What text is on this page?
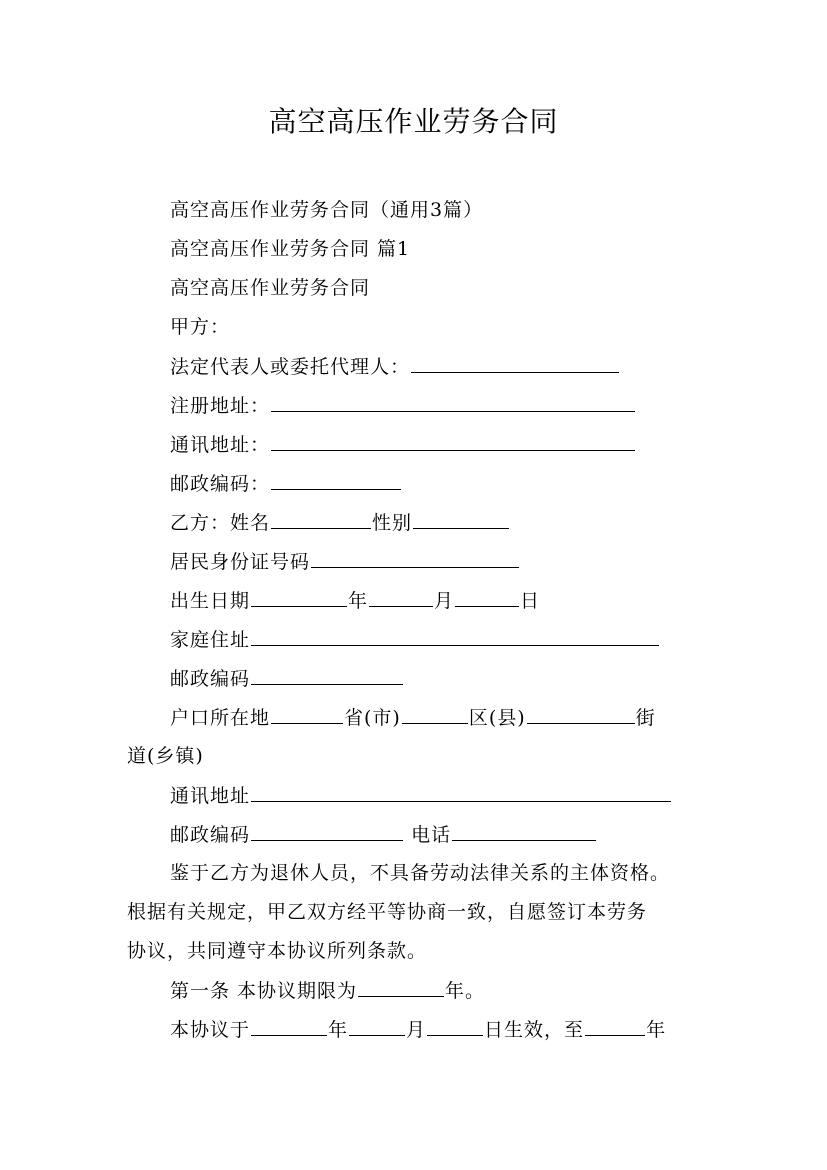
高空高压作业劳务合同
高空高压作业劳务合同（通用3篇）
高空高压作业劳务合同 篇1
高空高压作业劳务合同
甲方：
法定代表人或委托代理人：
注册地址：
通讯地址：
邮政编码：
乙方：姓名	性别
居民身份证号码
出生日期	年	月	日
家庭住址
邮政编码
户口所在地	省(市)	区(县)	街
道(乡镇)
通讯地址
邮政编码	电话
鉴于乙方为退休人员，不具备劳动法律关系的主体资格。
根据有关规定，甲乙双方经平等协商一致，自愿签订本劳务
协议，共同遵守本协议所列条款。
第一条 本协议期限为	年。
本协议于	年	月	日生效，至	年
